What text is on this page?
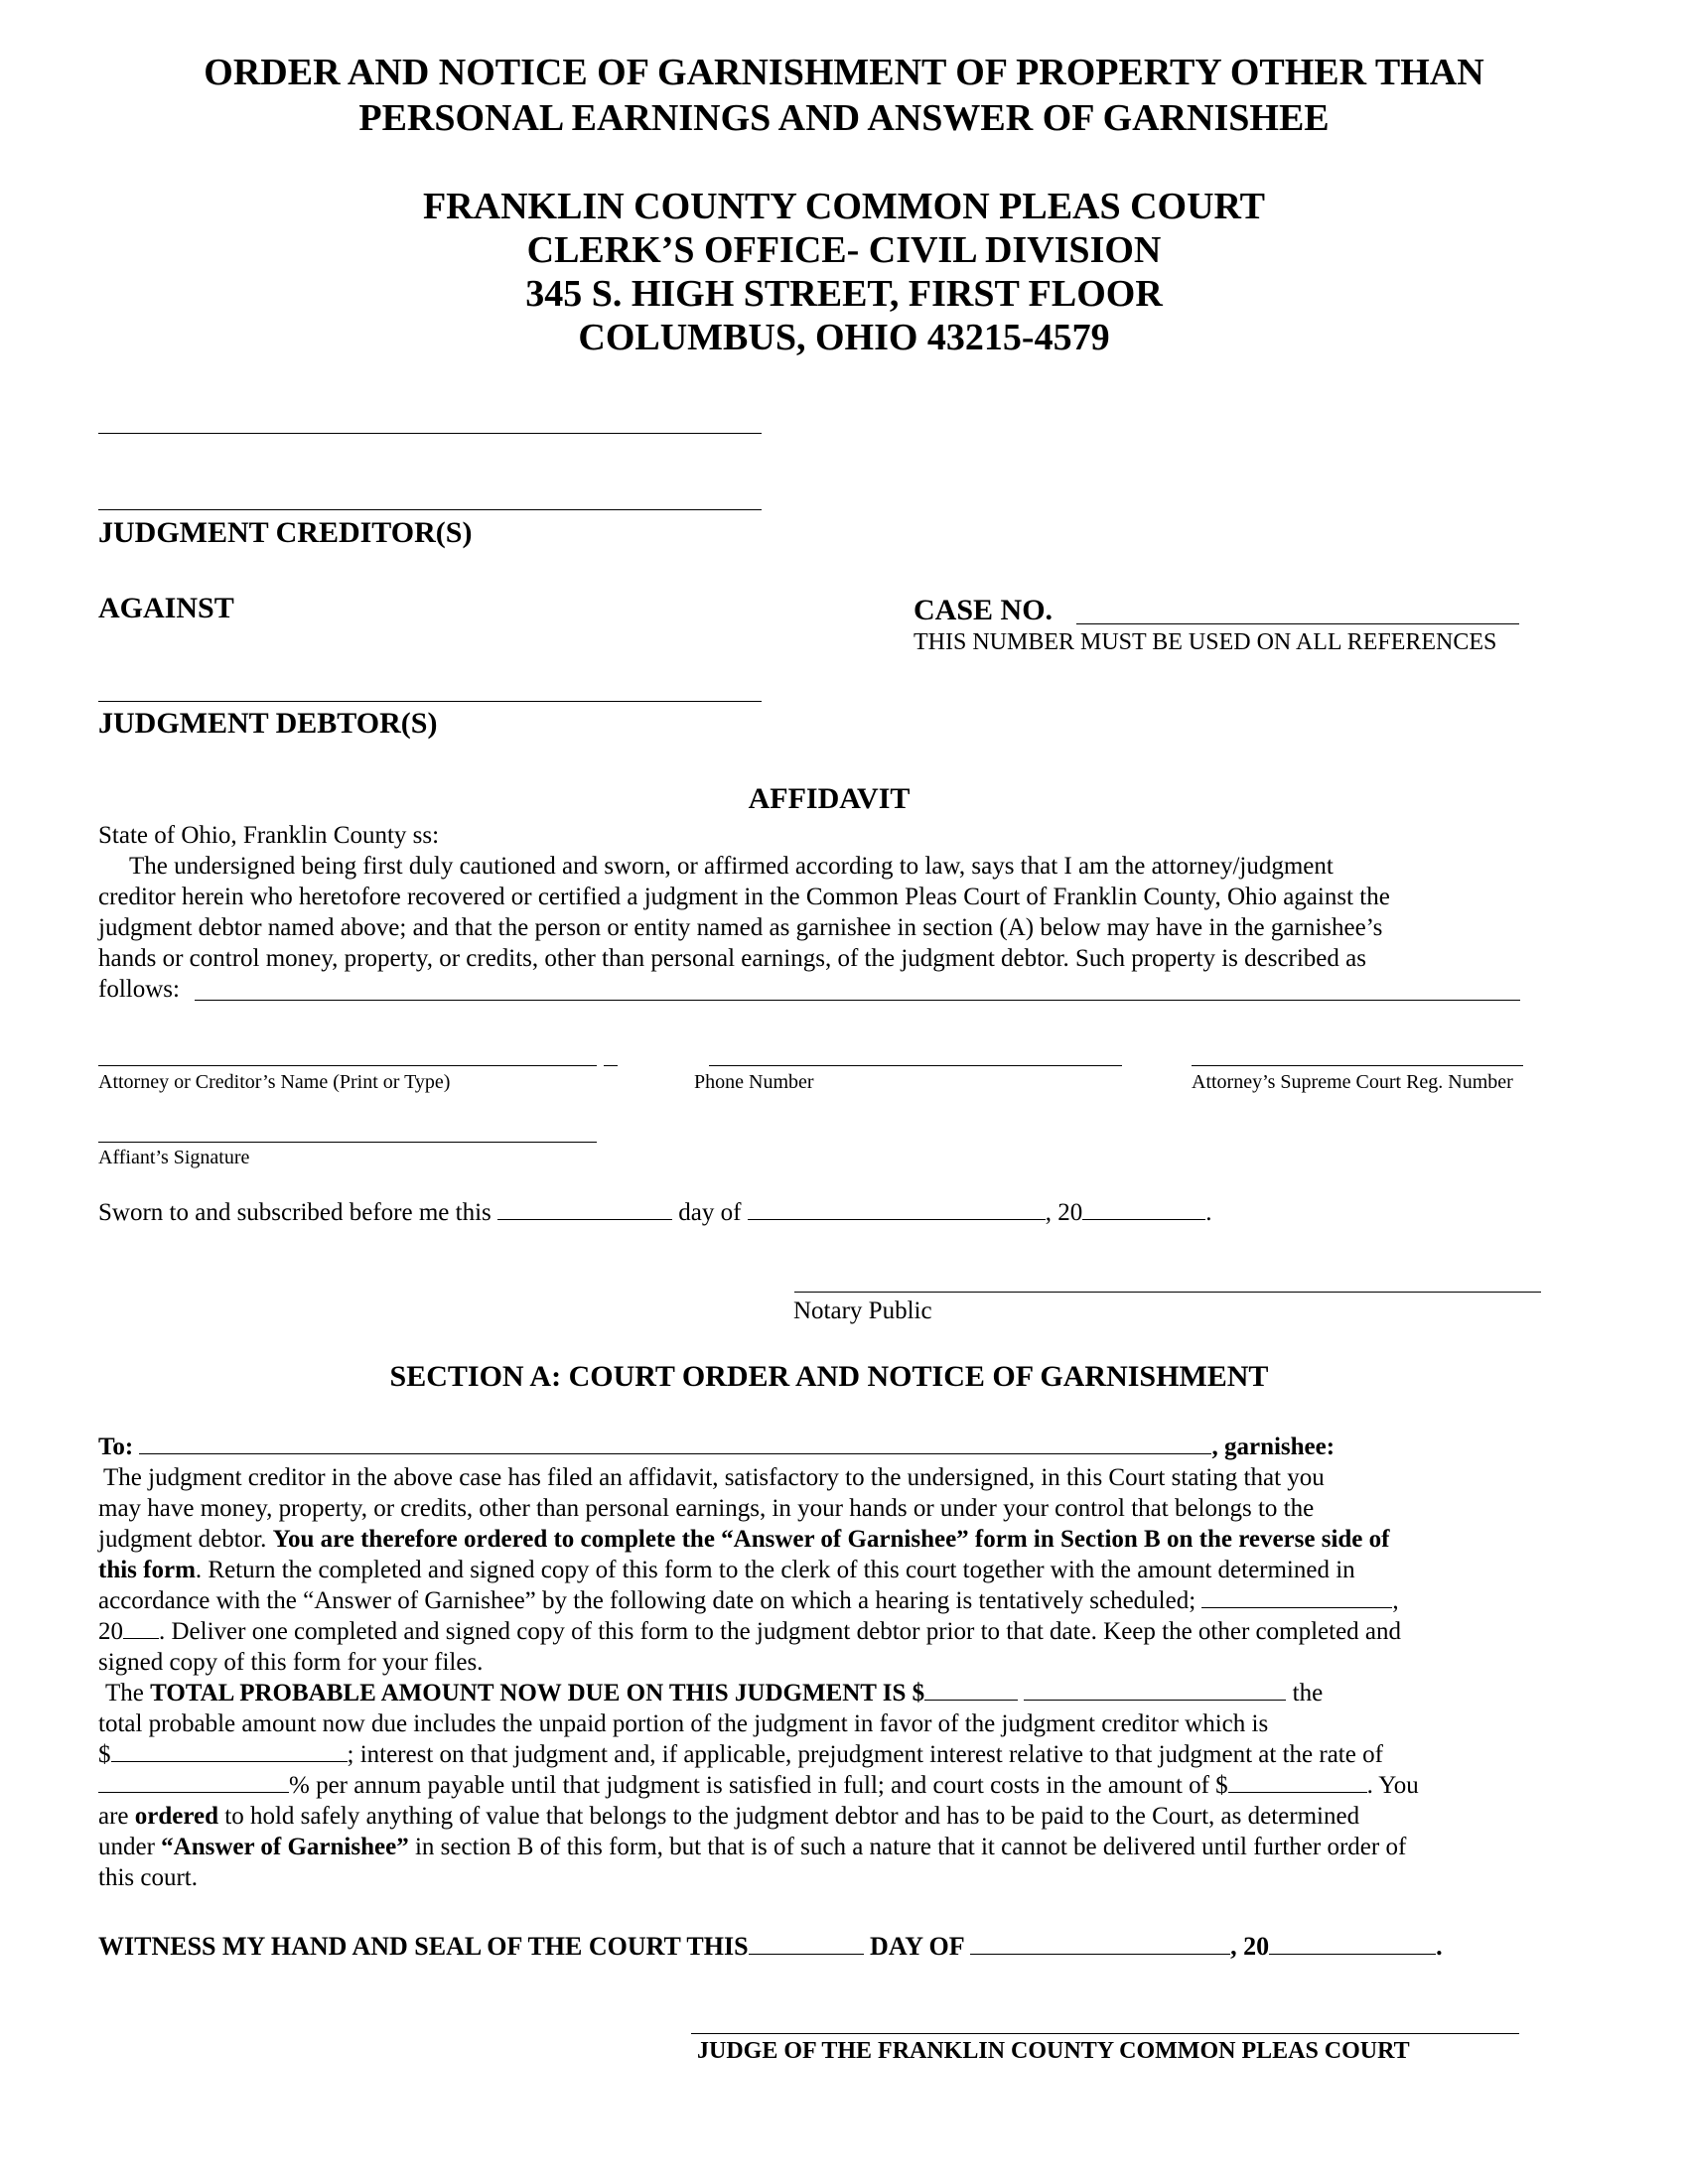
ORDER AND NOTICE OF GARNISHMENT OF PROPERTY OTHER THAN
PERSONAL EARNINGS AND ANSWER OF GARNISHEE
FRANKLIN COUNTY COMMON PLEAS COURT
CLERK’S OFFICE- CIVIL DIVISION
345 S. HIGH STREET, FIRST FLOOR
COLUMBUS, OHIO 43215-4579
JUDGMENT CREDITOR(S)
AGAINST	CASE NO.
THIS NUMBER MUST BE USED ON ALL REFERENCES
JUDGMENT DEBTOR(S)
AFFIDAVIT
State of Ohio, Franklin County ss:
The undersigned being first duly cautioned and sworn, or affirmed according to law, says that I am the attorney/judgment
creditor herein who heretofore recovered or certified a judgment in the Common Pleas Court of Franklin County, Ohio against the
judgment debtor named above; and that the person or entity named as garnishee in section (A) below may have in the garnishee’s
hands or control money, property, or credits, other than personal earnings, of the judgment debtor. Such property is described as
follows:
Attorney or Creditor’s Name (Print or Type)	Phone Number	Attorney’s Supreme Court Reg. Number
Affiant’s Signature
Sworn to and subscribed before me this	day of	, 20	.
Notary Public
SECTION A: COURT ORDER AND NOTICE OF GARNISHMENT
To:	, garnishee:
The judgment creditor in the above case has filed an affidavit, satisfactory to the undersigned, in this Court stating that you
may have money, property, or credits, other than personal earnings, in your hands or under your control that belongs to the
judgment debtor. You are therefore ordered to complete the “Answer of Garnishee” form in Section B on the reverse side of
this form. Return the completed and signed copy of this form to the clerk of this court together with the amount determined in
accordance with the “Answer of Garnishee” by the following date on which a hearing is tentatively scheduled;	,
20 . Deliver one completed and signed copy of this form to the judgment debtor prior to that date. Keep the other completed and
signed copy of this form for your files.
The TOTAL PROBABLE AMOUNT NOW DUE ON THIS JUDGMENT IS $	the
total probable amount now due includes the unpaid portion of the judgment in favor of the judgment creditor which is
$	; interest on that judgment and, if applicable, prejudgment interest relative to that judgment at the rate of
% per annum payable until that judgment is satisfied in full; and court costs in the amount of $	. You
are ordered to hold safely anything of value that belongs to the judgment debtor and has to be paid to the Court, as determined
under “Answer of Garnishee” in section B of this form, but that is of such a nature that it cannot be delivered until further order of
this court.
WITNESS MY HAND AND SEAL OF THE COURT THIS	DAY OF	, 20	.
JUDGE OF THE FRANKLIN COUNTY COMMON PLEAS COURT
